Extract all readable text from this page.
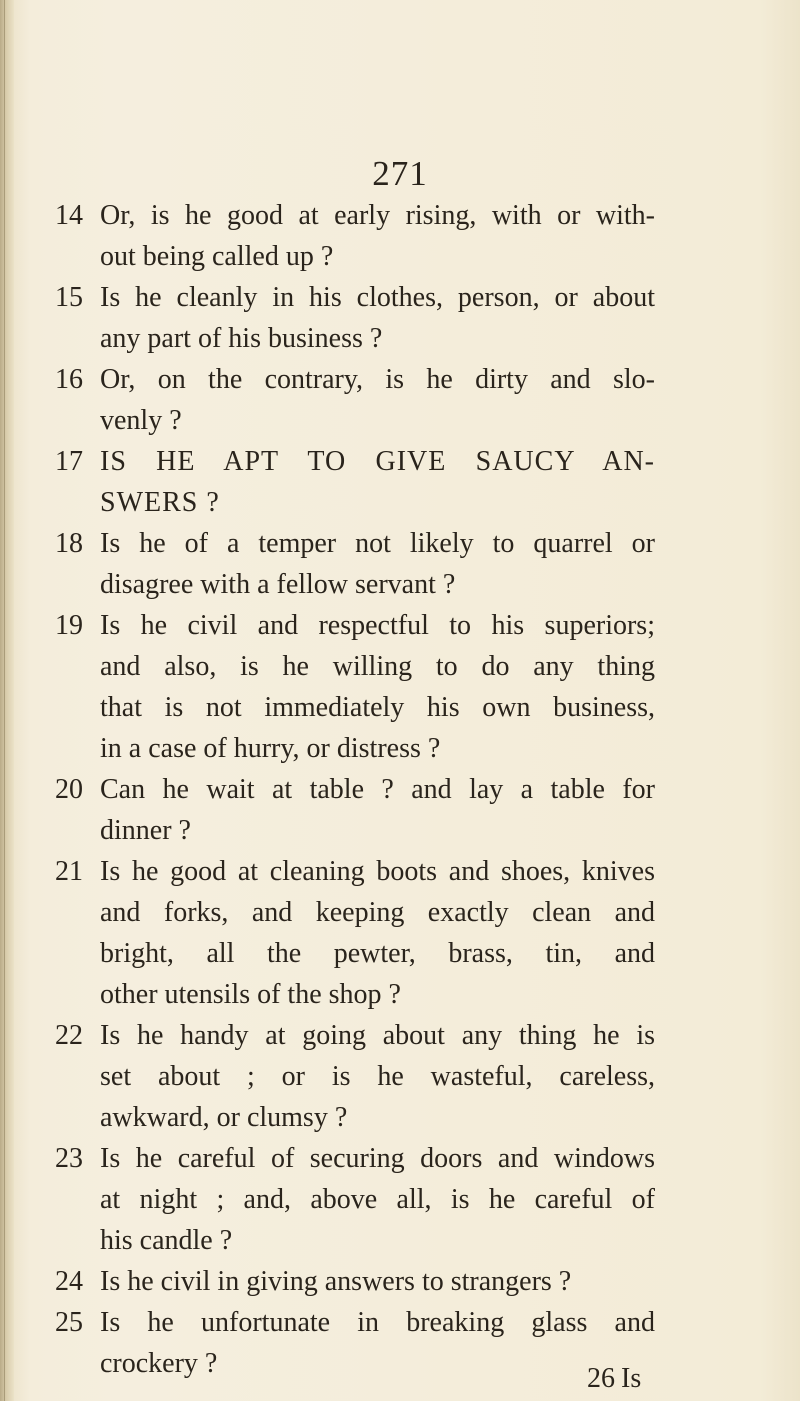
271
14 Or, is he good at early rising, with or with-
out being called up ?
15 Is he cleanly in his clothes, person, or about
any part of his business ?
16 Or, on the contrary, is he dirty and slo-
venly ?
17 IS HE APT TO GIVE SAUCY AN-
SWERS ?
18 Is he of a temper not likely to quarrel or
disagree with a fellow servant ?
19 Is he civil and respectful to his superiors;
and also, is he willing to do any thing
that is not immediately his own business,
in a case of hurry, or distress ?
20 Can he wait at table ? and lay a table for
dinner ?
21 Is he good at cleaning boots and shoes, knives
and forks, and keeping exactly clean and
bright, all the pewter, brass, tin, and
other utensils of the shop ?
22 Is he handy at going about any thing he is
set about ; or is he wasteful, careless,
awkward, or clumsy ?
23 Is he careful of securing doors and windows
at night ; and, above all, is he careful of
his candle ?
24 Is he civil in giving answers to strangers ?
25 Is he unfortunate in breaking glass and
crockery ?	26 Is
